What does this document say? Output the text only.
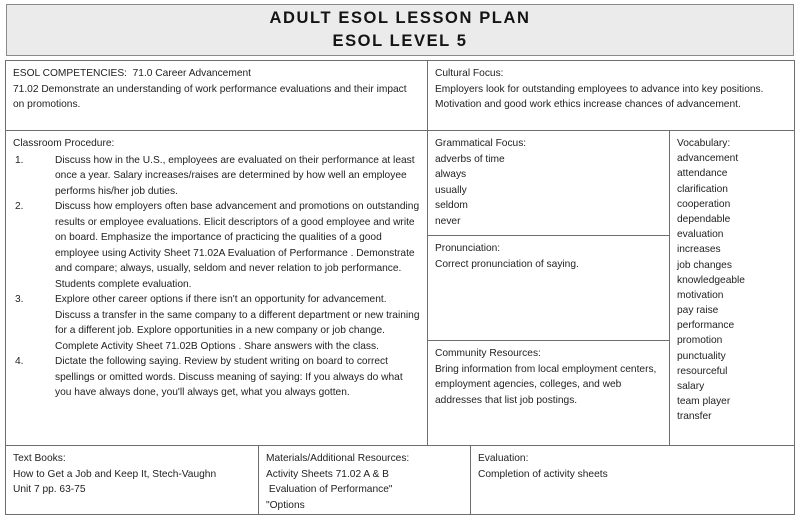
ADULT ESOL LESSON PLAN
ESOL LEVEL 5
ESOL COMPETENCIES:  71.0 Career Advancement
71.02 Demonstrate an understanding of work performance evaluations and their impact on promotions.
Cultural Focus:
Employers look for outstanding employees to advance into key positions.  Motivation and good work ethics increase chances of advancement.
Classroom Procedure:
1.	Discuss how in the U.S., employees are evaluated on their performance at least once a year. Salary increases/raises are determined by how well an employee performs his/her job duties.
2.	Discuss how employers often base advancement and promotions on outstanding results or employee evaluations. Elicit descriptors of a good employee and write on board. Emphasize the importance of practicing the qualities of a good employee using Activity Sheet 71.02A Evaluation of Performance . Demonstrate and compare; always, usually, seldom and never relation to job performance. Students complete evaluation.
3.	Explore other career options if there isn't an opportunity for advancement. Discuss a transfer in the same company to a different department or new training for a different job. Explore opportunities in a new company or job change. Complete Activity Sheet 71.02B Options . Share answers with the class.
4.	Dictate the following saying. Review by student writing on board to correct spellings or omitted words. Discuss meaning of saying: If you always do what you have always done, you'll always get, what you always gotten.
Grammatical Focus:
adverbs of time
always
usually
seldom
never
Pronunciation:
Correct pronunciation of saying.
Community Resources:
Bring information from local employment centers, employment agencies, colleges, and web addresses that list job postings.
Vocabulary:
advancement
attendance
clarification
cooperation
dependable
evaluation
increases
job changes
knowledgeable
motivation
pay raise
performance
promotion
punctuality
resourceful
salary
team player
transfer
Text Books:
How to Get a Job and Keep It, Stech-Vaughn
Unit 7 pp. 63-75
Materials/Additional Resources:
Activity Sheets 71.02 A & B
Evaluation of Performance"
"Options
Evaluation:
Completion of activity sheets
